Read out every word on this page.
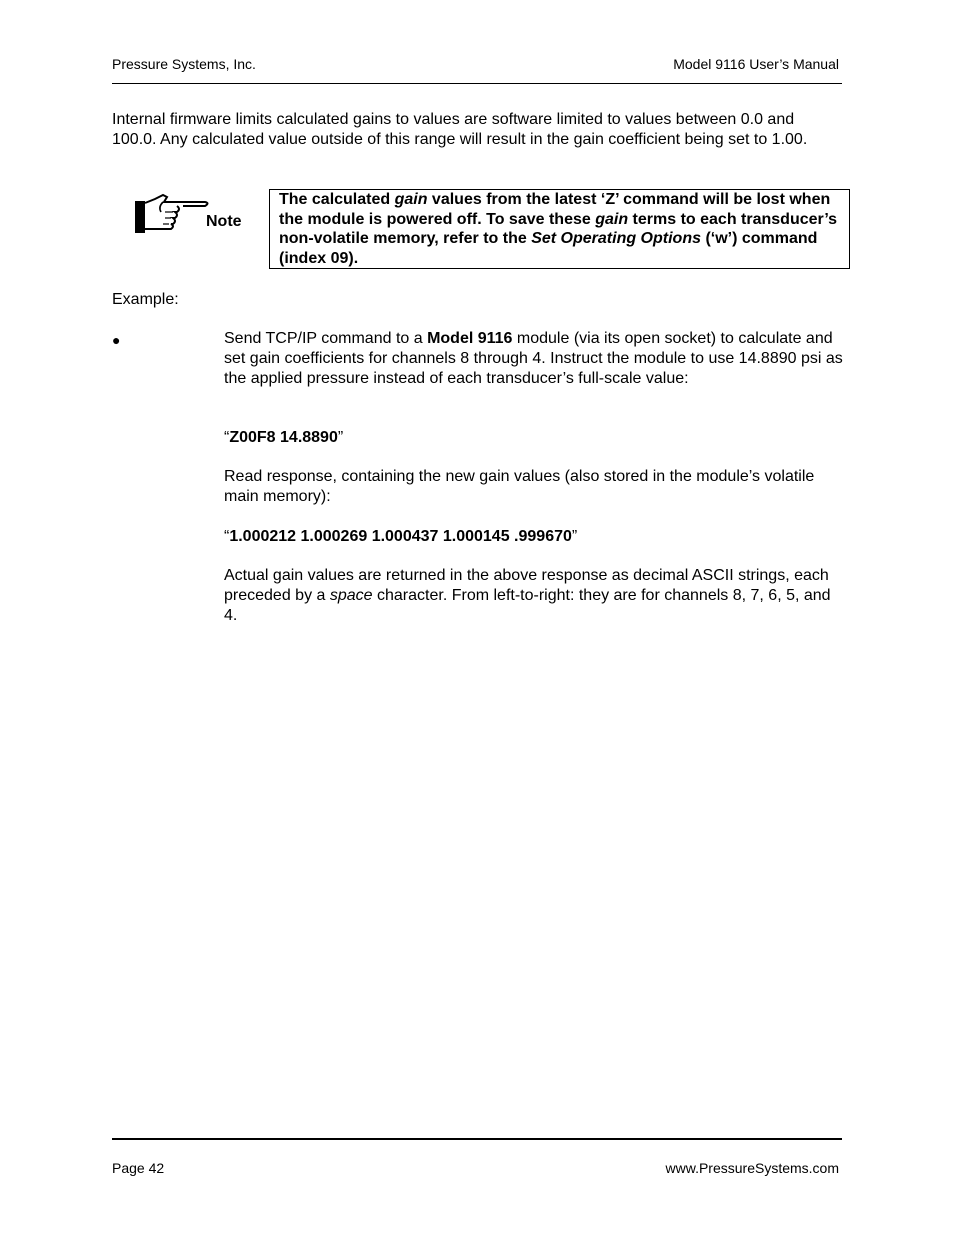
Pressure Systems, Inc.	Model 9116 User’s Manual
Internal firmware limits calculated gains to values are software limited to values between 0.0 and 100.0. Any calculated value outside of this range will result in the gain coefficient being set to 1.00.
Note
The calculated gain values from the latest ‘Z’ command will be lost when the module is powered off. To save these gain terms to each transducer’s non-volatile memory, refer to the Set Operating Options (‘w’) command (index 09).
Example:
●	Send TCP/IP command to a Model 9116 module (via its open socket) to calculate and set gain coefficients for channels 8 through 4. Instruct the module to use 14.8890 psi as the applied pressure instead of each transducer’s full-scale value:
“Z00F8 14.8890”
Read response, containing the new gain values (also stored in the module’s volatile main memory):
“1.000212 1.000269 1.000437 1.000145 .999670”
Actual gain values are returned in the above response as decimal ASCII strings, each preceded by a space character. From left-to-right: they are for channels 8, 7, 6, 5, and 4.
Page 42	www.PressureSystems.com
